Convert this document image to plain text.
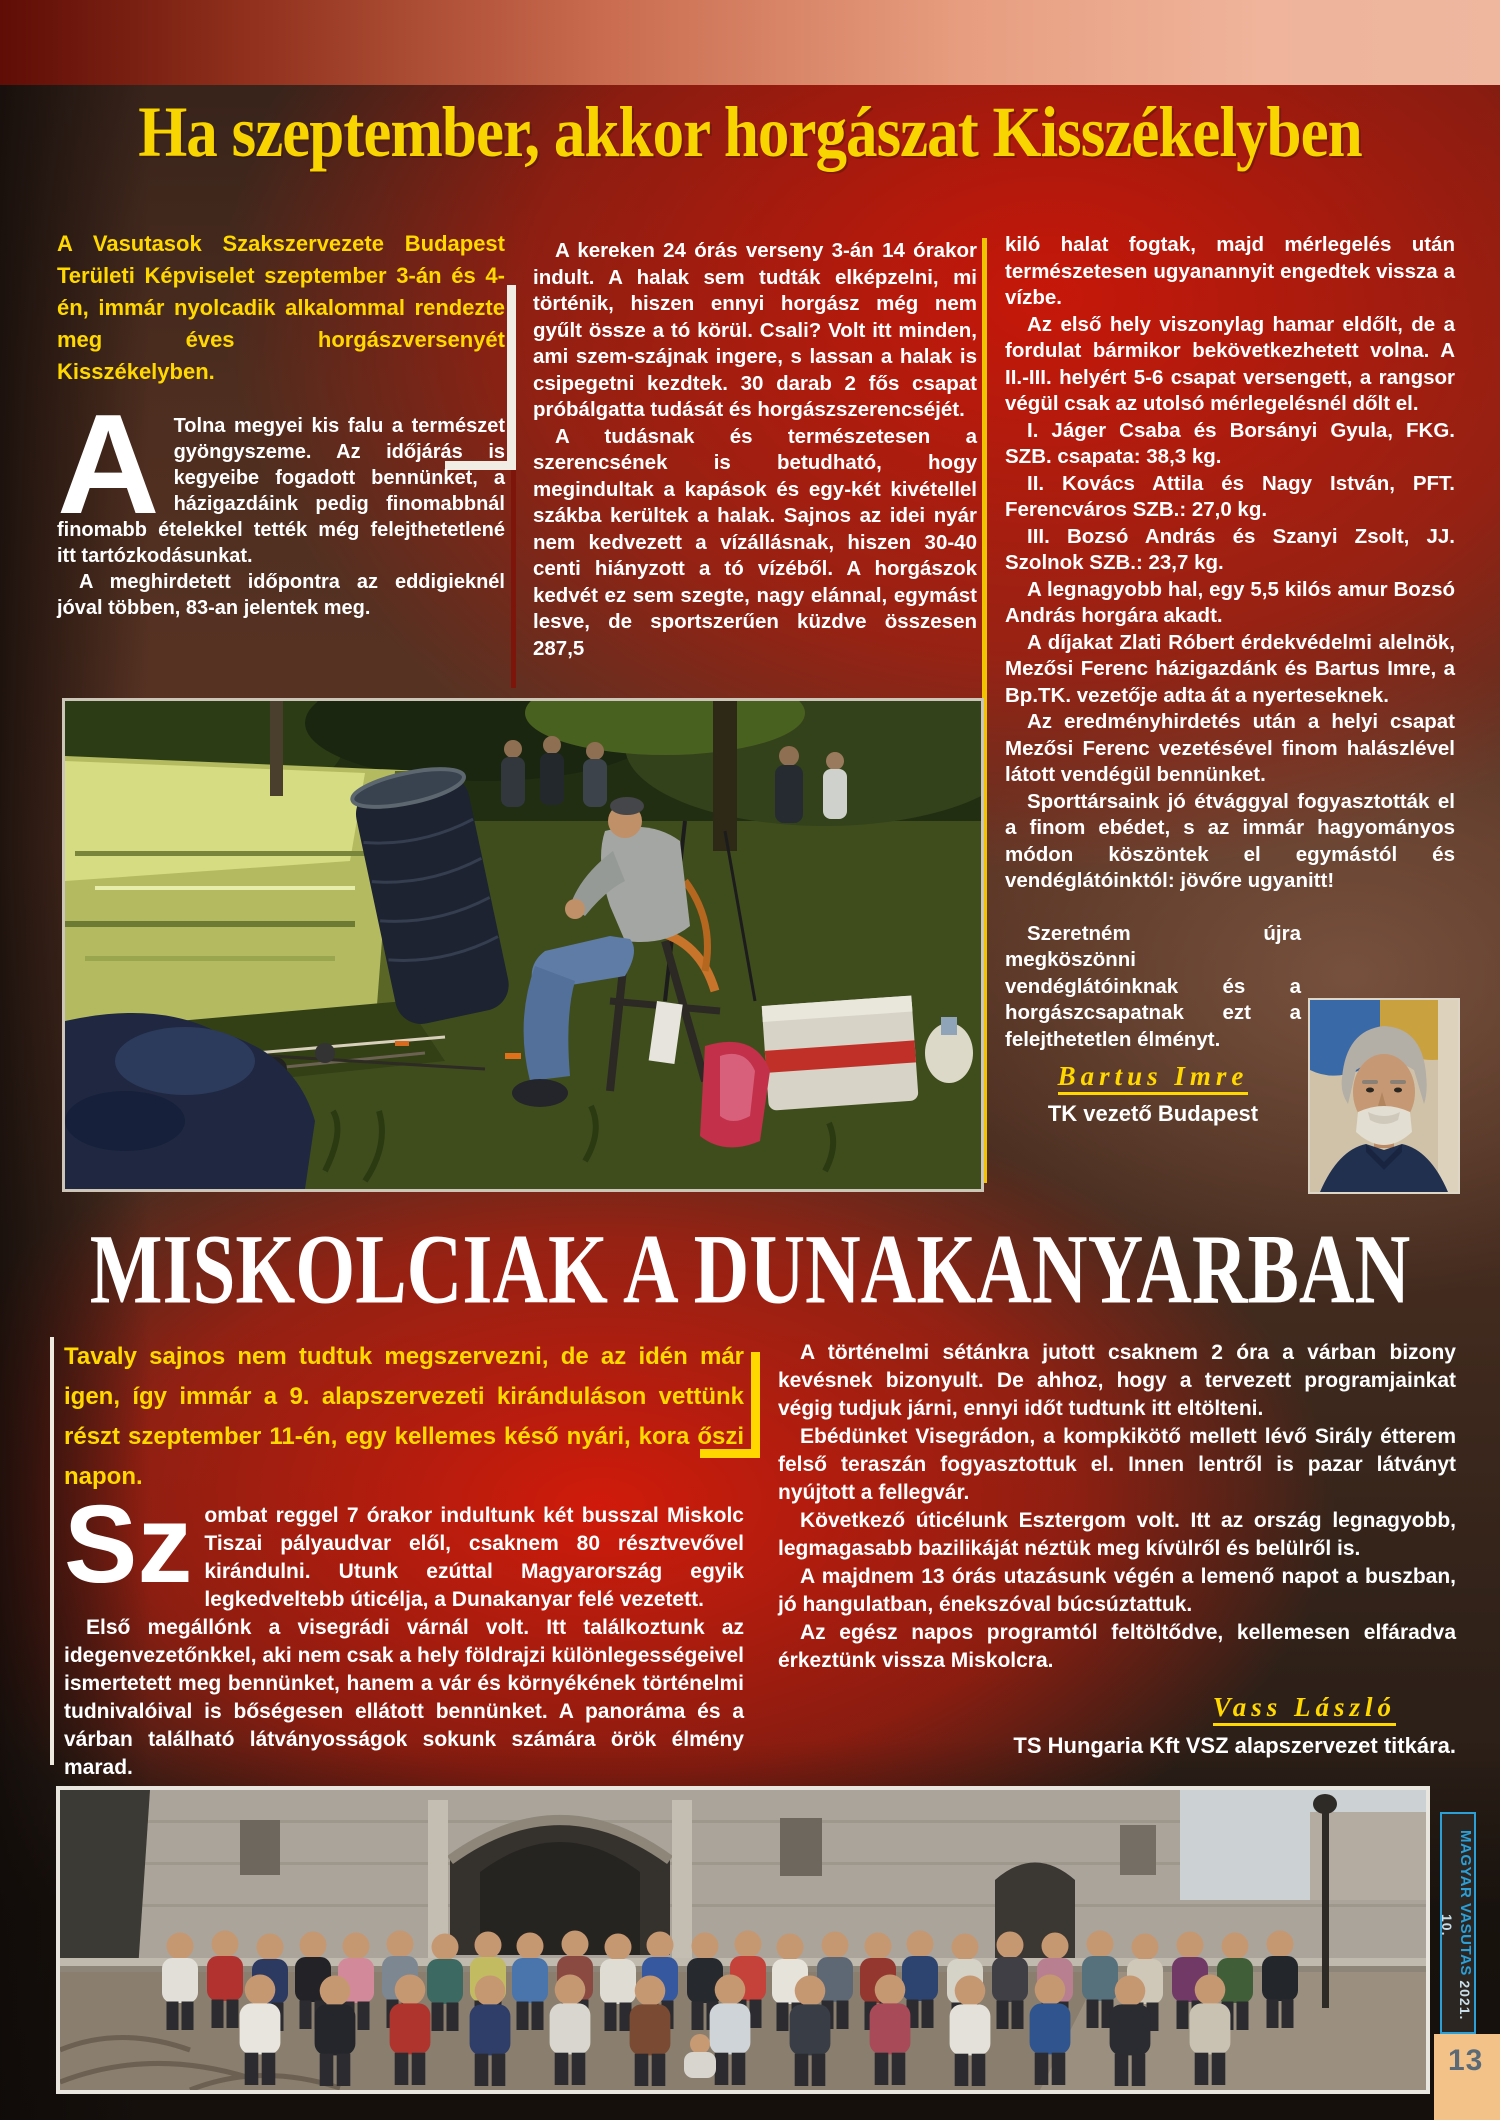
Ha szeptember, akkor horgászat Kisszékelyben

A Vasutasok Szakszervezete Budapest Területi Képviselet szeptember 3-án és 4-én, immár nyolcadik alkalommal rendezte meg éves horgászversenyét Kisszékelyben.

A Tolna megyei kis falu a természet gyöngyszeme. Az időjárás is kegyeibe fogadott bennünket, a házigazdáink pedig finomabbnál finomabb ételekkel tették még felejthetetlené itt tartózkodásunkat.

A meghirdetett időpontra az eddigieknél jóval többen, 83-an jelentek meg.

A kereken 24 órás verseny 3-án 14 órakor indult. A halak sem tudták elképzelni, mi történik, hiszen ennyi horgász még nem gyűlt össze a tó körül. Csali? Volt itt minden, ami szem-szájnak ingere, s lassan a halak is csipegetni kezdtek. 30 darab 2 fős csapat próbálgatta tudását és horgászszerencséjét.

A tudásnak és természetesen a szerencsének is betudható, hogy megindultak a kapások és egy-két kivétellel szákba kerültek a halak. Sajnos az idei nyár nem kedvezett a vízállásnak, hiszen 30-40 centi hiányzott a tó vízéből. A horgászok kedvét ez sem szegte, nagy elánnal, egymást lesve, de sportszerűen küzdve összesen 287,5

kiló halat fogtak, majd mérlegelés után természetesen ugyanannyit engedtek vissza a vízbe.

Az első hely viszonylag hamar eldőlt, de a fordulat bármikor bekövetkezhetett volna. A II.-III. helyért 5-6 csapat versengett, a rangsor végül csak az utolsó mérlegelésnél dőlt el.

I. Jáger Csaba és Borsányi Gyula, FKG. SZB. csapata: 38,3 kg.

II. Kovács Attila és Nagy István, PFT. Ferencváros SZB.: 27,0 kg.

III. Bozsó András és Szanyi Zsolt, JJ. Szolnok SZB.: 23,7 kg.

A legnagyobb hal, egy 5,5 kilós amur Bozsó András horgára akadt.

A díjakat Zlati Róbert érdekvédelmi alelnök, Mezősi Ferenc házigazdánk és Bartus Imre, a Bp.TK. vezetője adta át a nyerteseknek.

Az eredményhirdetés után a helyi csapat Mezősi Ferenc vezetésével finom halászlével látott vendégül bennünket.

Sporttársaink jó étvággyal fogyasztották el a finom ebédet, s az immár hagyományos módon köszöntek el egymástól és vendéglátóinktól: jövőre ugyanitt!

Szeretném újra megköszönni vendéglátóinknak és a horgászcsapatnak ezt a felejthetetlen élményt.

Bartus Imre
TK vezető Budapest
MISKOLCIAK A DUNAKANYARBAN

Tavaly sajnos nem tudtuk megszervezni, de az idén már igen, így immár a 9. alapszervezeti kiránduláson vettünk részt szeptember 11-én, egy kellemes késő nyári, kora őszi napon.

Sz ombat reggel 7 órakor indultunk két busszal Miskolc Tiszai pályaudvar elől, csaknem 80 résztvevővel kirándulni. Utunk ezúttal Magyarország egyik legkedveltebb úticélja, a Dunakanyar felé vezetett.

Első megállónk a visegrádi várnál volt. Itt találkoztunk az idegenvezetőnkkel, aki nem csak a hely földrajzi különlegességeivel ismertetett meg bennünket, hanem a vár és környékének történelmi tudnivalóival is bőségesen ellátott bennünket. A panoráma és a várban található látványosságok sokunk számára örök élmény marad.

A történelmi sétánkra jutott csaknem 2 óra a várban bizony kevésnek bizonyult. De ahhoz, hogy a tervezett programjainkat végig tudjuk járni, ennyi időt tudtunk itt eltölteni.

Ebédünket Visegrádon, a kompkikötő mellett lévő Sirály étterem felső teraszán fogyasztottuk el. Innen lentről is pazar látványt nyújtott a fellegvár.

Következő úticélunk Esztergom volt. Itt az ország legnagyobb, legmagasabb bazilikáját néztük meg kívülről és belülről is.

A majdnem 13 órás utazásunk végén a lemenő napot a buszban, jó hangulatban, énekszóval búcsúztattuk.

Az egész napos programtól feltöltődve, kellemesen elfáradva érkeztünk vissza Miskolcra.

Vass László
TS Hungaria Kft VSZ alapszervezet titkára.
MAGYAR VASUTAS 2021. 10.
13
